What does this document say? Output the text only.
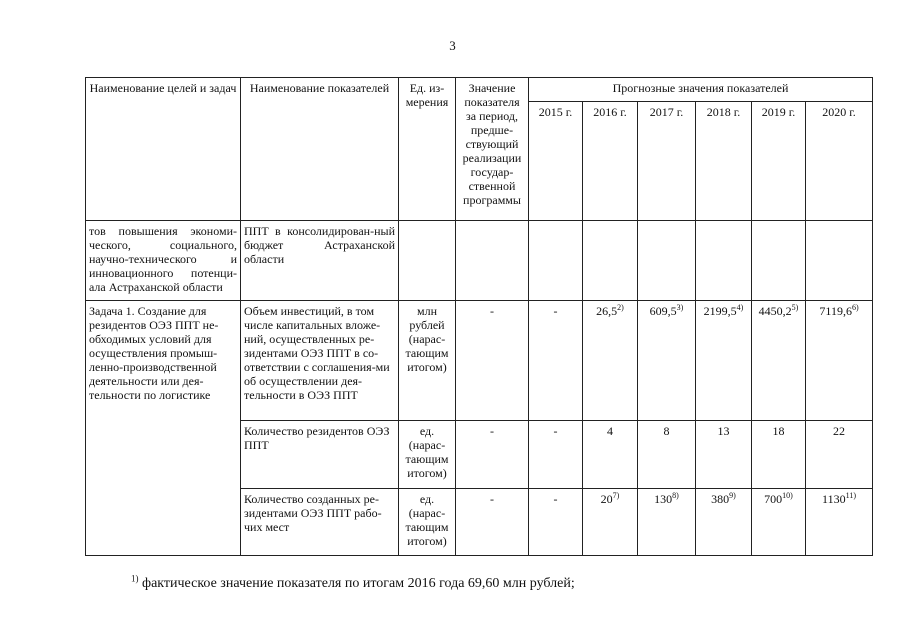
3
Наименование целей и задач	Наименование показателей	Ед. из-мерения	Значение показателя за период, предше-ствующий реализации государ-ственной программы	Прогнозные значения показателей					
				2015 г.	2016 г.	2017 г.	2018 г.	2019 г.	2020 г.
тов повышения экономи-ческого, социального, научно-технического и инновационного потенци-ала Астраханской области	ППТ в консолидирован-ный бюджет Астраханской области								
Задача 1. Создание для резидентов ОЭЗ ППТ не-обходимых условий для осуществления промыш-ленно-производственной деятельности или дея-тельности по логистике	Объем инвестиций, в том числе капитальных вложе-ний, осуществленных ре-зидентами ОЭЗ ППТ в со-ответствии с соглашения-ми об осуществлении дея-тельности в ОЭЗ ППТ	млн рублей (нарас-тающим итогом)	-	-	26,5$^{2)}$	609,5$^{3)}$	2199,5$^{4)}$	4450,2$^{5)}$	7119,6$^{6)}$
	Количество резидентов ОЭЗ ППТ	ед. (нарас-тающим итогом)	-	-	4	8	13	18	22
	Количество созданных ре-зидентами ОЭЗ ППТ рабо-чих мест	ед. (нарас-тающим итогом)	-	-	20$^{7)}$	130$^{8)}$	380$^{9)}$	700$^{10)}$	1130$^{11)}$
$^{1)}$ фактическое значение показателя по итогам 2016 года 69,60 млн рублей;
